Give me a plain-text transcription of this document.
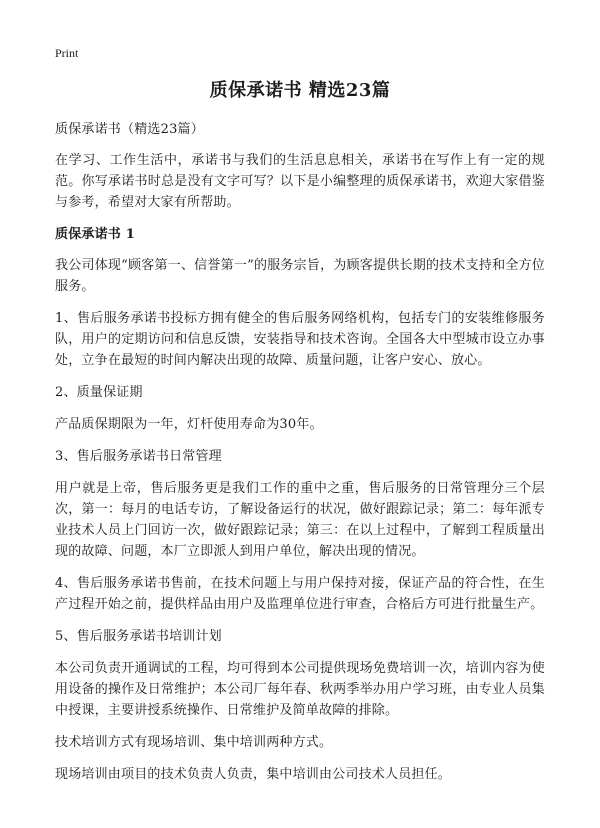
Print
质保承诺书 精选23篇

质保承诺书（精选23篇）

在学习、工作生活中，承诺书与我们的生活息息相关，承诺书在写作上有一定的规范。你写承诺书时总是没有文字可写？以下是小编整理的质保承诺书，欢迎大家借鉴与参考，希望对大家有所帮助。

质保承诺书 1

我公司体现“顾客第一、信誉第一”的服务宗旨，为顾客提供长期的技术支持和全方位服务。

1、售后服务承诺书投标方拥有健全的售后服务网络机构，包括专门的安装维修服务队，用户的定期访问和信息反馈，安装指导和技术咨询。全国各大中型城市设立办事处，立争在最短的时间内解决出现的故障、质量问题，让客户安心、放心。

2、质量保证期

产品质保期限为一年，灯杆使用寿命为30年。

3、售后服务承诺书日常管理

用户就是上帝，售后服务更是我们工作的重中之重，售后服务的日常管理分三个层次，第一：每月的电话专访，了解设备运行的状况，做好跟踪记录；第二：每年派专业技术人员上门回访一次，做好跟踪记录；第三：在以上过程中，了解到工程质量出现的故障、问题，本厂立即派人到用户单位，解决出现的情况。

4、售后服务承诺书售前，在技术问题上与用户保持对接，保证产品的符合性，在生产过程开始之前，提供样品由用户及监理单位进行审查，合格后方可进行批量生产。

5、售后服务承诺书培训计划

本公司负责开通调试的工程，均可得到本公司提供现场免费培训一次，培训内容为使用设备的操作及日常维护；本公司厂每年春、秋两季举办用户学习班，由专业人员集中授课，主要讲授系统操作、日常维护及简单故障的排除。

技术培训方式有现场培训、集中培训两种方式。

现场培训由项目的技术负责人负责，集中培训由公司技术人员担任。
